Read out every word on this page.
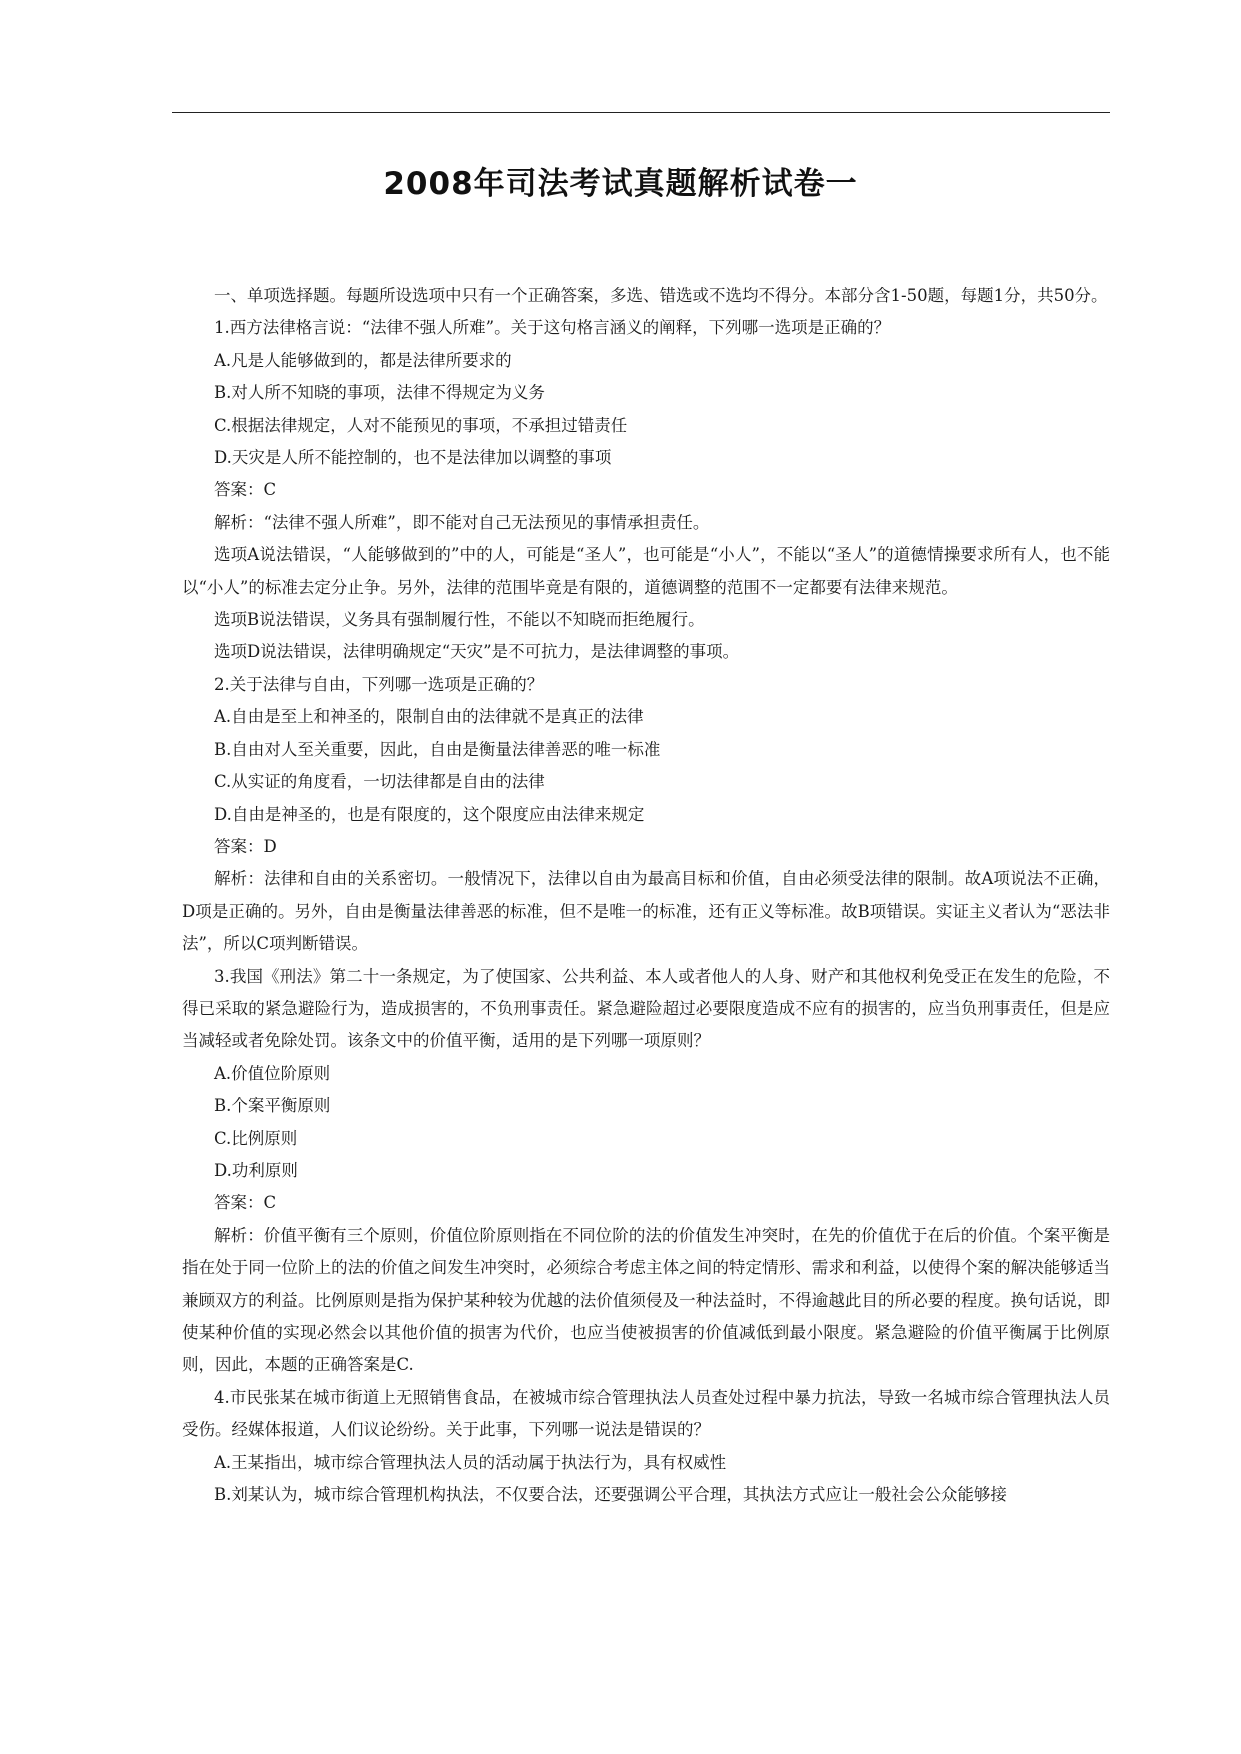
2008年司法考试真题解析试卷一

一、单项选择题。每题所设选项中只有一个正确答案，多选、错选或不选均不得分。本部分含1-50题，每题1分，共50分。

1.西方法律格言说：“法律不强人所难”。关于这句格言涵义的阐释，下列哪一选项是正确的？

A.凡是人能够做到的，都是法律所要求的

B.对人所不知晓的事项，法律不得规定为义务

C.根据法律规定，人对不能预见的事项，不承担过错责任

D.天灾是人所不能控制的，也不是法律加以调整的事项

答案：C

解析：“法律不强人所难”，即不能对自己无法预见的事情承担责任。

选项A说法错误，“人能够做到的”中的人，可能是“圣人”，也可能是“小人”，不能以“圣人”的道德情操要求所有人，也不能以“小人”的标准去定分止争。另外，法律的范围毕竟是有限的，道德调整的范围不一定都要有法律来规范。

选项B说法错误，义务具有强制履行性，不能以不知晓而拒绝履行。

选项D说法错误，法律明确规定“天灾”是不可抗力，是法律调整的事项。

2.关于法律与自由，下列哪一选项是正确的？

A.自由是至上和神圣的，限制自由的法律就不是真正的法律

B.自由对人至关重要，因此，自由是衡量法律善恶的唯一标准

C.从实证的角度看，一切法律都是自由的法律

D.自由是神圣的，也是有限度的，这个限度应由法律来规定

答案：D

解析：法律和自由的关系密切。一般情况下，法律以自由为最高目标和价值，自由必须受法律的限制。故A项说法不正确，D项是正确的。另外，自由是衡量法律善恶的标准，但不是唯一的标准，还有正义等标准。故B项错误。实证主义者认为“恶法非法”，所以C项判断错误。

3.我国《刑法》第二十一条规定，为了使国家、公共利益、本人或者他人的人身、财产和其他权利免受正在发生的危险，不得已采取的紧急避险行为，造成损害的，不负刑事责任。紧急避险超过必要限度造成不应有的损害的，应当负刑事责任，但是应当减轻或者免除处罚。该条文中的价值平衡，适用的是下列哪一项原则？

A.价值位阶原则

B.个案平衡原则

C.比例原则

D.功利原则

答案：C

解析：价值平衡有三个原则，价值位阶原则指在不同位阶的法的价值发生冲突时，在先的价值优于在后的价值。个案平衡是指在处于同一位阶上的法的价值之间发生冲突时，必须综合考虑主体之间的特定情形、需求和利益，以使得个案的解决能够适当兼顾双方的利益。比例原则是指为保护某种较为优越的法价值须侵及一种法益时，不得逾越此目的所必要的程度。换句话说，即使某种价值的实现必然会以其他价值的损害为代价，也应当使被损害的价值减低到最小限度。紧急避险的价值平衡属于比例原则，因此，本题的正确答案是C.

4.市民张某在城市街道上无照销售食品，在被城市综合管理执法人员查处过程中暴力抗法，导致一名城市综合管理执法人员受伤。经媒体报道，人们议论纷纷。关于此事，下列哪一说法是错误的？

A.王某指出，城市综合管理执法人员的活动属于执法行为，具有权威性

B.刘某认为，城市综合管理机构执法，不仅要合法，还要强调公平合理，其执法方式应让一般社会公众能够接
